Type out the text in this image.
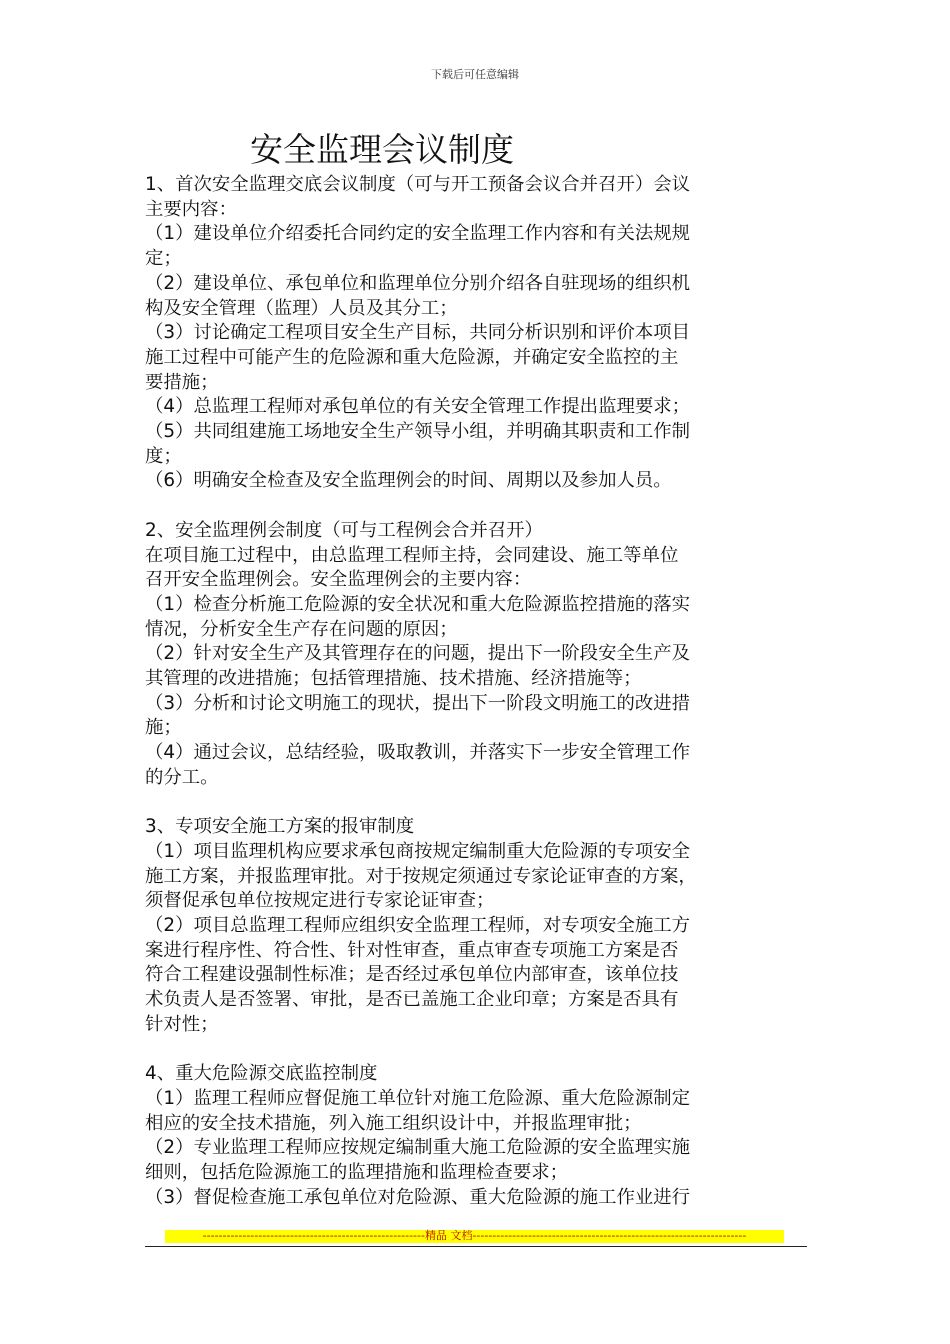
下载后可任意编辑
安全监理会议制度
1、首次安全监理交底会议制度（可与开工预备会议合并召开）会议
主要内容：
（1）建设单位介绍委托合同约定的安全监理工作内容和有关法规规
定；
（2）建设单位、承包单位和监理单位分别介绍各自驻现场的组织机
构及安全管理（监理）人员及其分工；
（3）讨论确定工程项目安全生产目标，共同分析识别和评价本项目
施工过程中可能产生的危险源和重大危险源，并确定安全监控的主
要措施；
（4）总监理工程师对承包单位的有关安全管理工作提出监理要求；
（5）共同组建施工场地安全生产领导小组，并明确其职责和工作制
度；
（6）明确安全检查及安全监理例会的时间、周期以及参加人员。
2、安全监理例会制度（可与工程例会合并召开）
在项目施工过程中，由总监理工程师主持，会同建设、施工等单位
召开安全监理例会。安全监理例会的主要内容：
（1）检查分析施工危险源的安全状况和重大危险源监控措施的落实
情况，分析安全生产存在问题的原因；
（2）针对安全生产及其管理存在的问题，提出下一阶段安全生产及
其管理的改进措施；包括管理措施、技术措施、经济措施等；
（3）分析和讨论文明施工的现状，提出下一阶段文明施工的改进措
施；
（4）通过会议，总结经验，吸取教训，并落实下一步安全管理工作
的分工。
3、专项安全施工方案的报审制度
（1）项目监理机构应要求承包商按规定编制重大危险源的专项安全
施工方案，并报监理审批。对于按规定须通过专家论证审查的方案，
须督促承包单位按规定进行专家论证审查；
（2）项目总监理工程师应组织安全监理工程师，对专项安全施工方
案进行程序性、符合性、针对性审查，重点审查专项施工方案是否
符合工程建设强制性标准；是否经过承包单位内部审查，该单位技
术负责人是否签署、审批，是否已盖施工企业印章；方案是否具有
针对性；
4、重大危险源交底监控制度
（1）监理工程师应督促施工单位针对施工危险源、重大危险源制定
相应的安全技术措施，列入施工组织设计中，并报监理审批；
（2）专业监理工程师应按规定编制重大施工危险源的安全监理实施
细则，包括危险源施工的监理措施和监理检查要求；
（3）督促检查施工承包单位对危险源、重大危险源的施工作业进行
--------------------------------------------------------精品 文档---------------------------------------------------------------------
